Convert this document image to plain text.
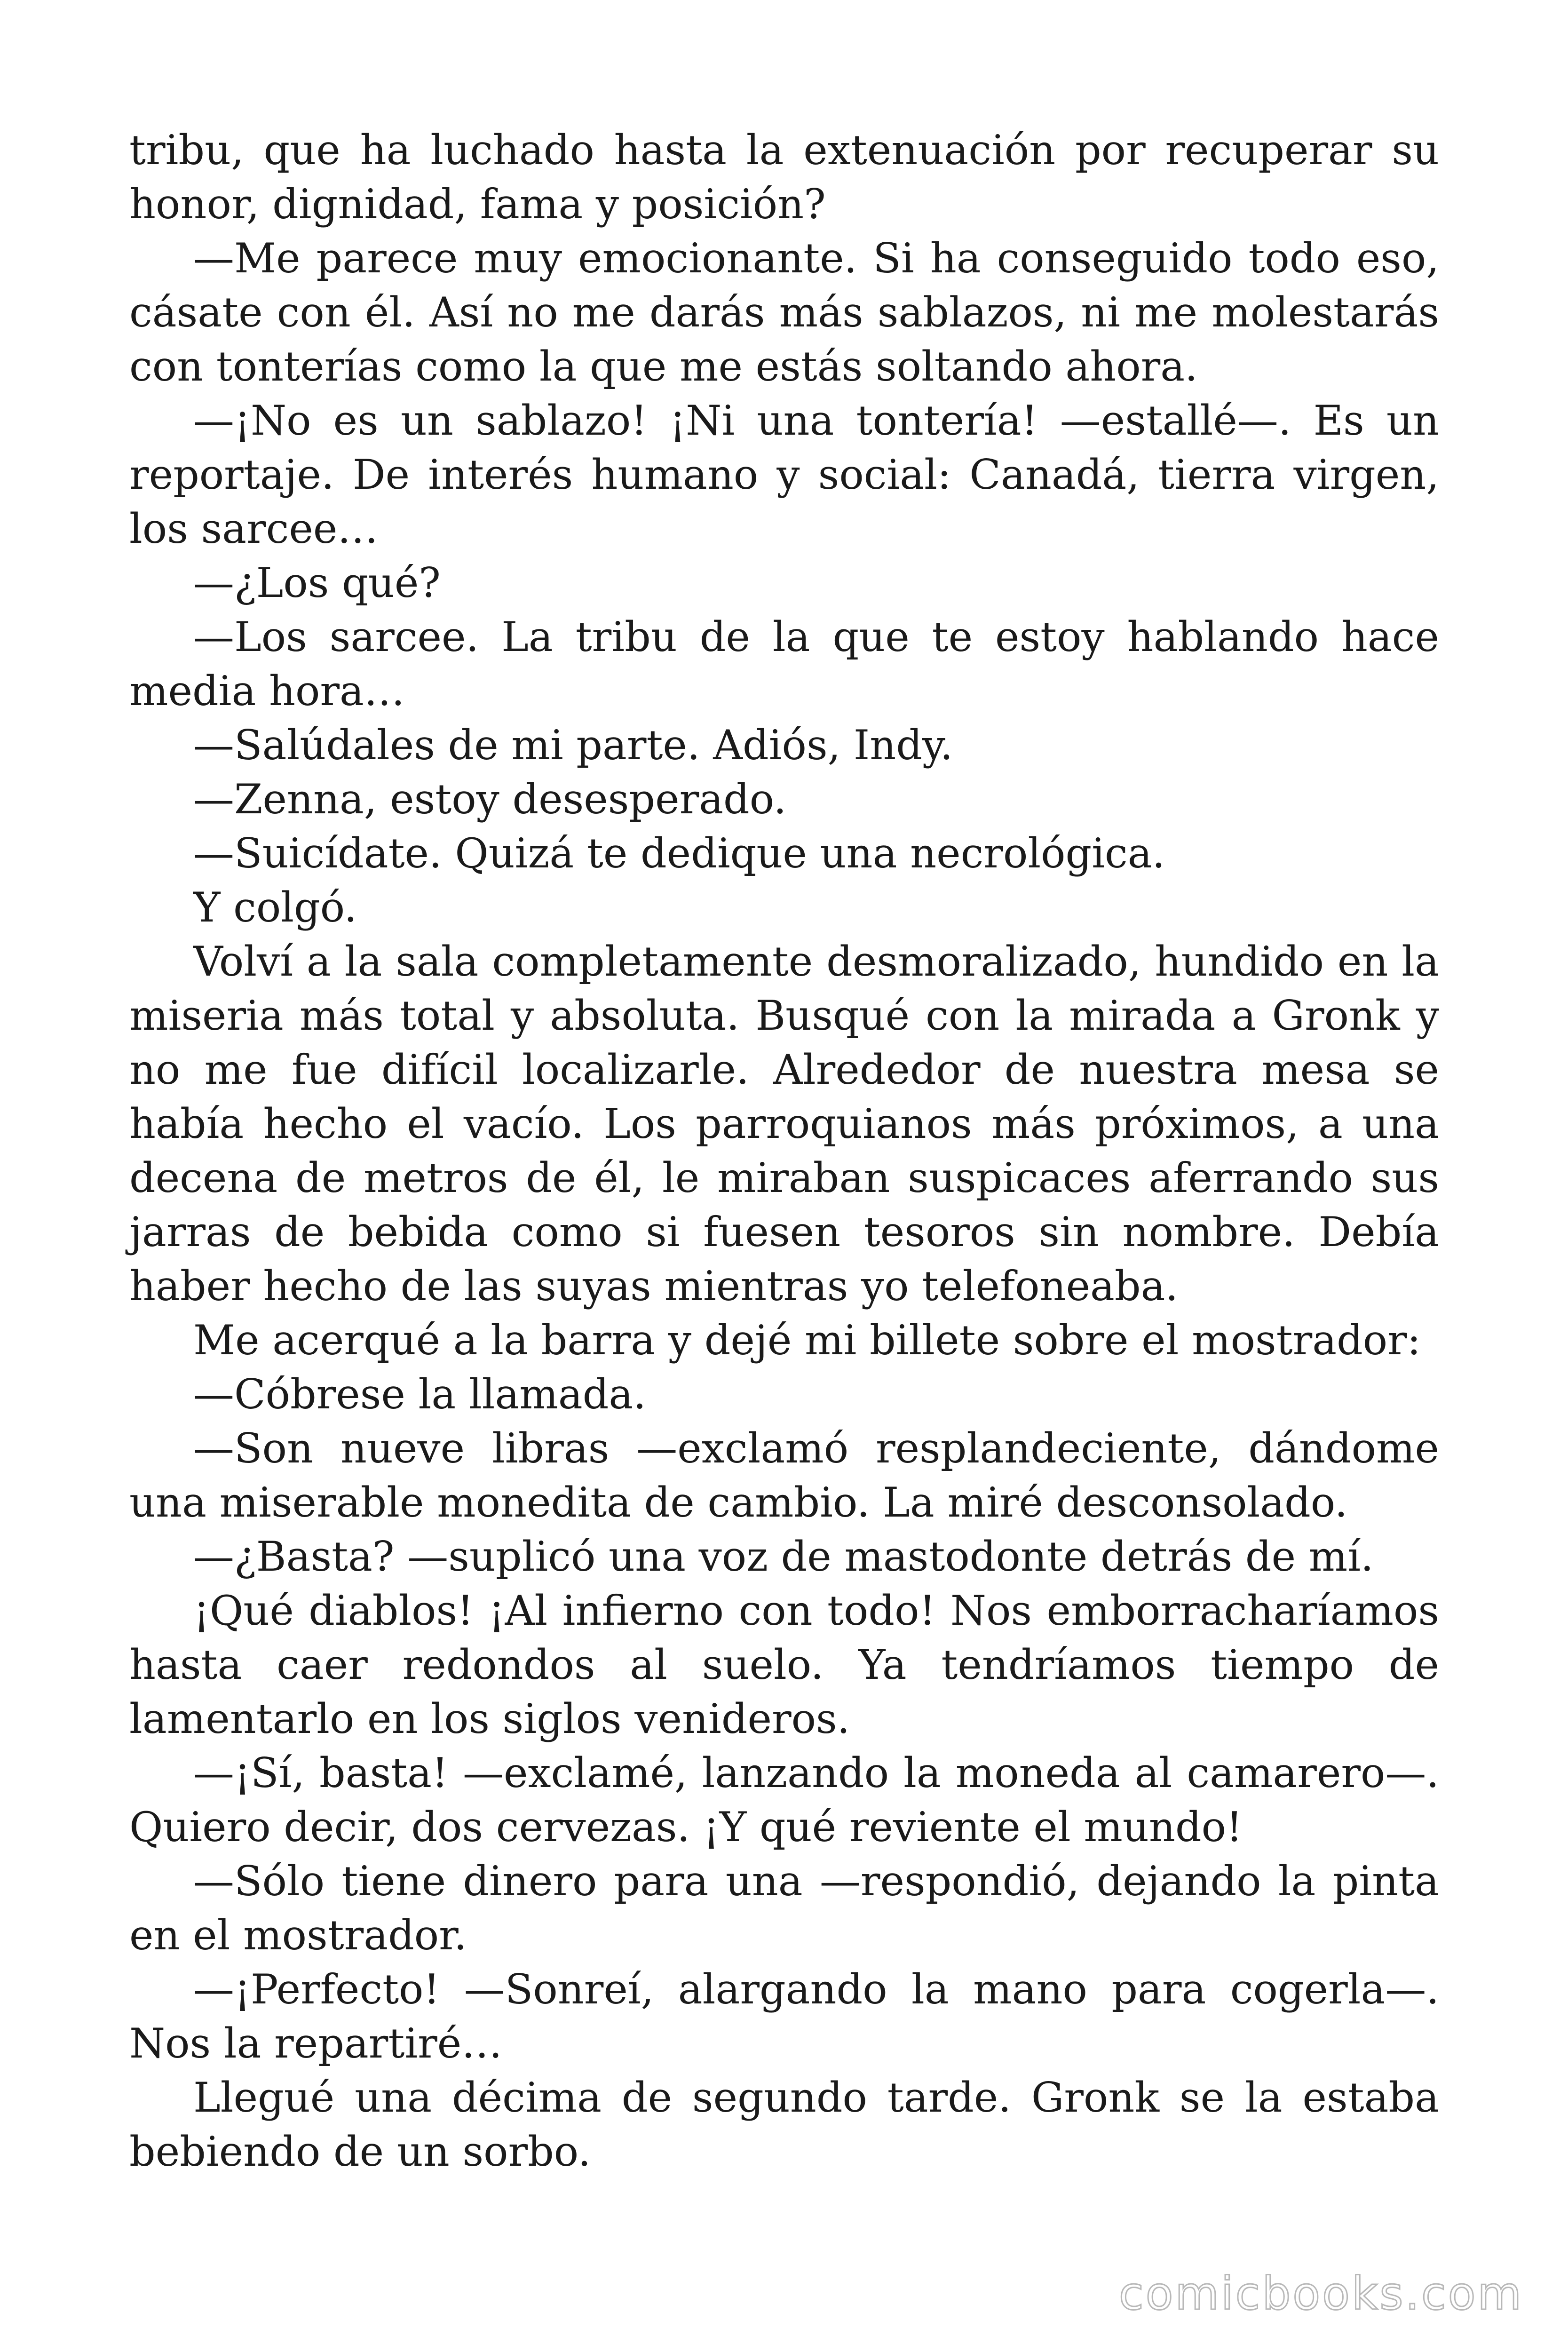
tribu, que ha luchado hasta la extenuación por recuperar su honor, dignidad, fama y posición?

—Me parece muy emocionante. Si ha conseguido todo eso, cásate con él. Así no me darás más sablazos, ni me molestarás con tonterías como la que me estás soltando ahora.

—¡No es un sablazo! ¡Ni una tontería! —estallé—. Es un reportaje. De interés humano y social: Canadá, tierra virgen, los sarcee…

—¿Los qué?

—Los sarcee. La tribu de la que te estoy hablando hace media hora…

—Salúdales de mi parte. Adiós, Indy.

—Zenna, estoy desesperado.

—Suicídate. Quizá te dedique una necrológica.

Y colgó.

Volví a la sala completamente desmoralizado, hundido en la miseria más total y absoluta. Busqué con la mirada a Gronk y no me fue difícil localizarle. Alrededor de nuestra mesa se había hecho el vacío. Los parroquianos más próximos, a una decena de metros de él, le miraban suspicaces aferrando sus jarras de bebida como si fuesen tesoros sin nombre. Debía haber hecho de las suyas mientras yo telefoneaba.

Me acerqué a la barra y dejé mi billete sobre el mostrador:

—Cóbrese la llamada.

—Son nueve libras —exclamó resplandeciente, dándome una miserable monedita de cambio. La miré desconsolado.

—¿Basta? —suplicó una voz de mastodonte detrás de mí.

¡Qué diablos! ¡Al infierno con todo! Nos emborracharíamos hasta caer redondos al suelo. Ya tendríamos tiempo de lamentarlo en los siglos venideros.

—¡Sí, basta! —exclamé, lanzando la moneda al camarero—. Quiero decir, dos cervezas. ¡Y qué reviente el mundo!

—Sólo tiene dinero para una —respondió, dejando la pinta en el mostrador.

—¡Perfecto! —Sonreí, alargando la mano para cogerla—. Nos la repartiré…

Llegué una décima de segundo tarde. Gronk se la estaba bebiendo de un sorbo.

comicbooks.com
